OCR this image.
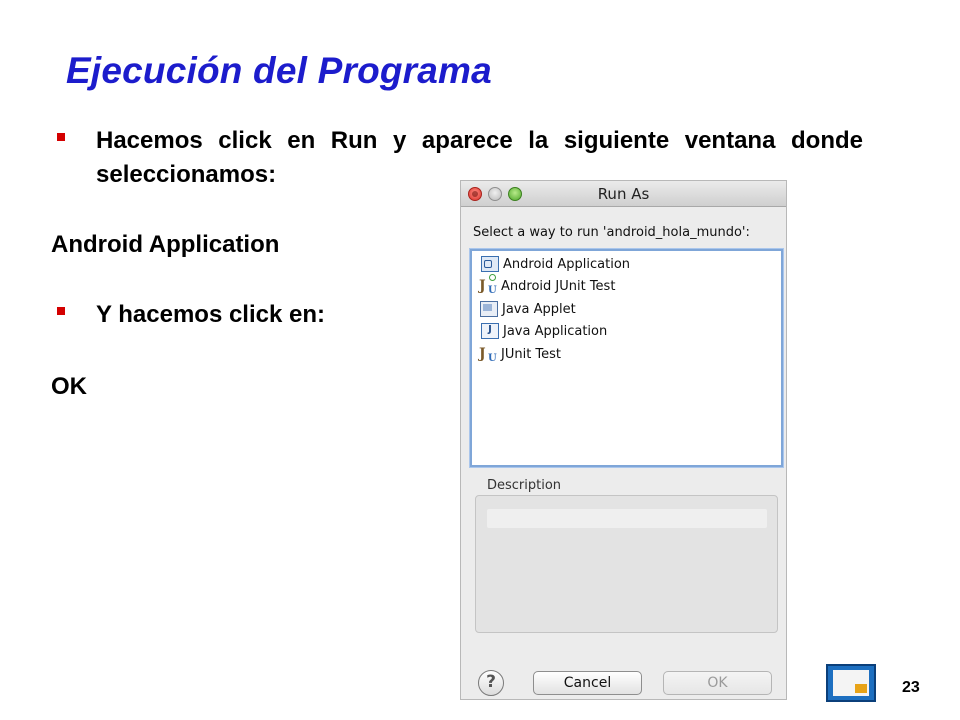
Ejecución del Programa
Hacemos click en Run y aparece la siguiente ventana donde seleccionamos:
Android Application
Y hacemos click en:
OK
Run As
Select a way to run 'android_hola_mundo':
Android Application
J U Android JUnit Test
Java Applet
J Java Application
J U JUnit Test
Description
?	Cancel	OK	23
